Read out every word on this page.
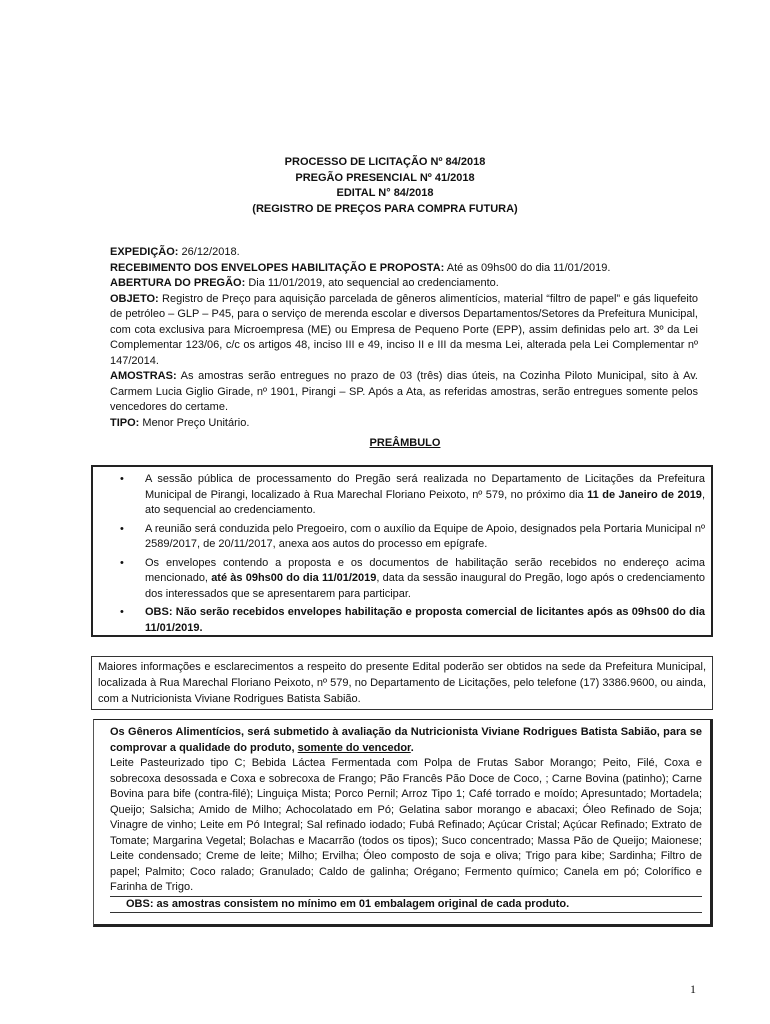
PROCESSO DE LICITAÇÃO Nº 84/2018
PREGÃO PRESENCIAL Nº 41/2018
EDITAL N° 84/2018
(REGISTRO DE PREÇOS PARA COMPRA FUTURA)

EXPEDIÇÃO: 26/12/2018.

RECEBIMENTO DOS ENVELOPES HABILITAÇÃO E PROPOSTA: Até as 09hs00 do dia 11/01/2019.

ABERTURA DO PREGÃO: Dia 11/01/2019, ato sequencial ao credenciamento.

OBJETO: Registro de Preço para aquisição parcelada de gêneros alimentícios, material “filtro de papel” e gás liquefeito de petróleo – GLP – P45, para o serviço de merenda escolar e diversos Departamentos/Setores da Prefeitura Municipal, com cota exclusiva para Microempresa (ME) ou Empresa de Pequeno Porte (EPP), assim definidas pelo art. 3º da Lei Complementar 123/06, c/c os artigos 48, inciso III e 49, inciso II e III da mesma Lei, alterada pela Lei Complementar nº 147/2014.

AMOSTRAS: As amostras serão entregues no prazo de 03 (três) dias úteis, na Cozinha Piloto Municipal, sito à Av. Carmem Lucia Giglio Girade, nº 1901, Pirangi – SP. Após a Ata, as referidas amostras, serão entregues somente pelos vencedores do certame.

TIPO: Menor Preço Unitário.

PREÂMBULO
• A sessão pública de processamento do Pregão será realizada no Departamento de Licitações da Prefeitura Municipal de Pirangi, localizado à Rua Marechal Floriano Peixoto, nº 579, no próximo dia 11 de Janeiro de 2019, ato sequencial ao credenciamento.
• A reunião será conduzida pelo Pregoeiro, com o auxílio da Equipe de Apoio, designados pela Portaria Municipal nº 2589/2017, de 20/11/2017, anexa aos autos do processo em epígrafe.
• Os envelopes contendo a proposta e os documentos de habilitação serão recebidos no endereço acima mencionado, até às 09hs00 do dia 11/01/2019, data da sessão inaugural do Pregão, logo após o credenciamento dos interessados que se apresentarem para participar.
• OBS: Não serão recebidos envelopes habilitação e proposta comercial de licitantes após as 09hs00 do dia 11/01/2019.
Maiores informações e esclarecimentos a respeito do presente Edital poderão ser obtidos na sede da Prefeitura Municipal, localizada à Rua Marechal Floriano Peixoto, nº 579, no Departamento de Licitações, pelo telefone (17) 3386.9600, ou ainda, com a Nutricionista Viviane Rodrigues Batista Sabião.

Os Gêneros Alimentícios, será submetido à avaliação da Nutricionista Viviane Rodrigues Batista Sabião, para se comprovar a qualidade do produto, somente do vencedor.

Leite Pasteurizado tipo C; Bebida Láctea Fermentada com Polpa de Frutas Sabor Morango; Peito, Filé, Coxa e sobrecoxa desossada e Coxa e sobrecoxa de Frango; Pão Francês Pão Doce de Coco, ; Carne Bovina (patinho); Carne Bovina para bife (contra-filé); Linguiça Mista; Porco Pernil; Arroz Tipo 1; Café torrado e moído; Apresuntado; Mortadela; Queijo; Salsicha; Amido de Milho; Achocolatado em Pó; Gelatina sabor morango e abacaxi; Óleo Refinado de Soja; Vinagre de vinho; Leite em Pó Integral; Sal refinado iodado; Fubá Refinado; Açúcar Cristal; Açúcar Refinado; Extrato de Tomate; Margarina Vegetal; Bolachas e Macarrão (todos os tipos); Suco concentrado; Massa Pão de Queijo; Maionese; Leite condensado; Creme de leite; Milho; Ervilha; Óleo composto de soja e oliva; Trigo para kibe; Sardinha; Filtro de papel; Palmito; Coco ralado; Granulado; Caldo de galinha; Orégano; Fermento químico; Canela em pó; Colorífico e Farinha de Trigo.

OBS: as amostras consistem no mínimo em 01 embalagem original de cada produto.

1
